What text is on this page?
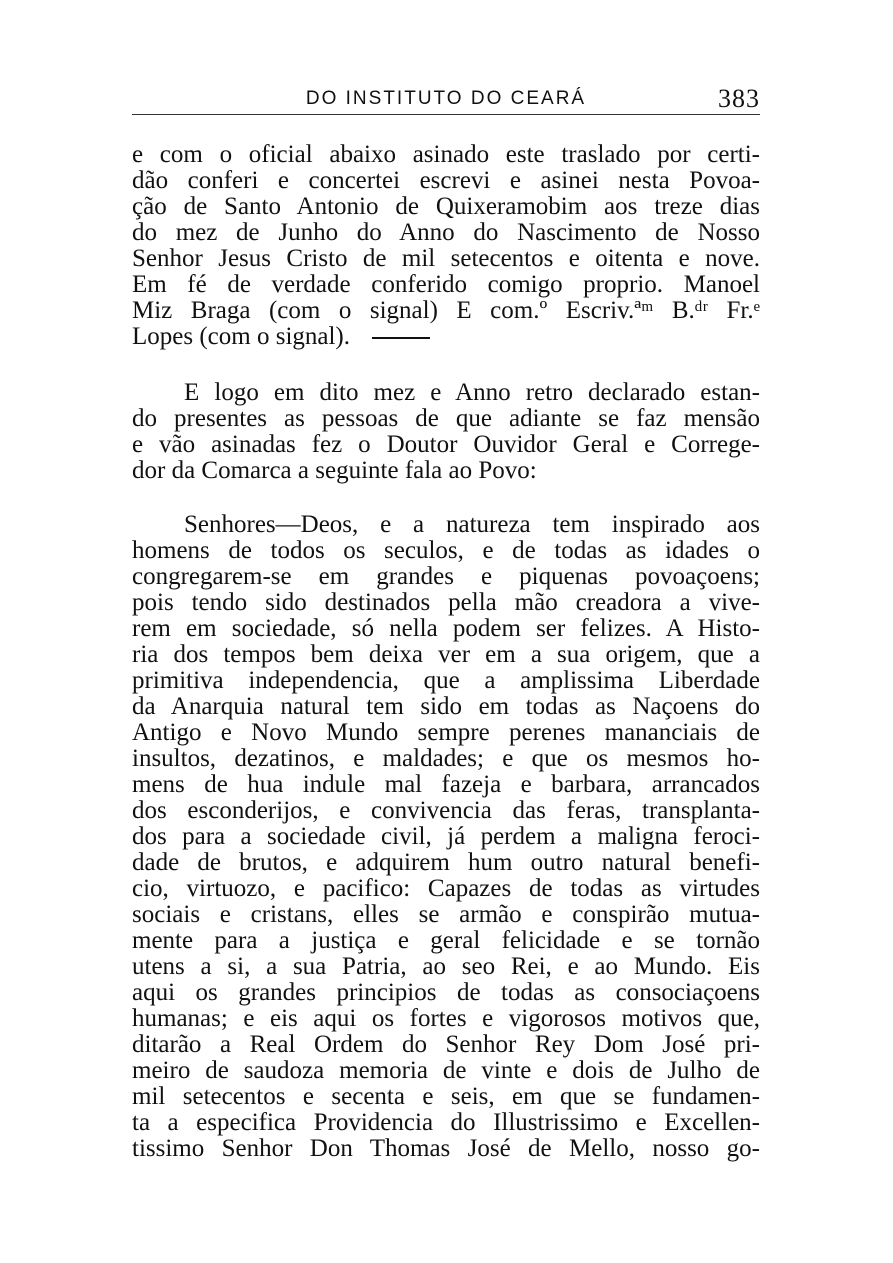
DO INSTITUTO DO CEARÁ	383
e com o oficial abaixo asinado este traslado por certi-
dão conferi e concertei escrevi e asinei nesta Povoa-
ção de Santo Antonio de Quixeramobim aos treze dias
do mez de Junho do Anno do Nascimento de Nosso
Senhor Jesus Cristo de mil setecentos e oitenta e nove.
Em fé de verdade conferido comigo proprio. Manoel
Miz Braga (com o signal) E com.º Escriv.ªᵐ B.ᵈʳ Fr.ᵉ
Lopes (com o signal).
E logo em dito mez e Anno retro declarado estan-
do presentes as pessoas de que adiante se faz mensão
e vão asinadas fez o Doutor Ouvidor Geral e Correge-
dor da Comarca a seguinte fala ao Povo:
Senhores—Deos, e a natureza tem inspirado aos
homens de todos os seculos, e de todas as idades o
congregarem-se em grandes e piquenas povoaçoens;
pois tendo sido destinados pella mão creadora a vive-
rem em sociedade, só nella podem ser felizes. A Histo-
ria dos tempos bem deixa ver em a sua origem, que a
primitiva independencia, que a amplissima Liberdade
da Anarquia natural tem sido em todas as Naçoens do
Antigo e Novo Mundo sempre perenes mananciais de
insultos, dezatinos, e maldades; e que os mesmos ho-
mens de hua indule mal fazeja e barbara, arrancados
dos esconderijos, e convivencia das feras, transplanta-
dos para a sociedade civil, já perdem a maligna feroci-
dade de brutos, e adquirem hum outro natural benefi-
cio, virtuozo, e pacifico: Capazes de todas as virtudes
sociais e cristans, elles se armão e conspirão mutua-
mente para a justiça e geral felicidade e se tornão
utens a si, a sua Patria, ao seo Rei, e ao Mundo. Eis
aqui os grandes principios de todas as consociaçoens
humanas; e eis aqui os fortes e vigorosos motivos que,
ditarão a Real Ordem do Senhor Rey Dom José pri-
meiro de saudoza memoria de vinte e dois de Julho de
mil setecentos e secenta e seis, em que se fundamen-
ta a especifica Providencia do Illustrissimo e Excellen-
tissimo Senhor Don Thomas José de Mello, nosso go-
